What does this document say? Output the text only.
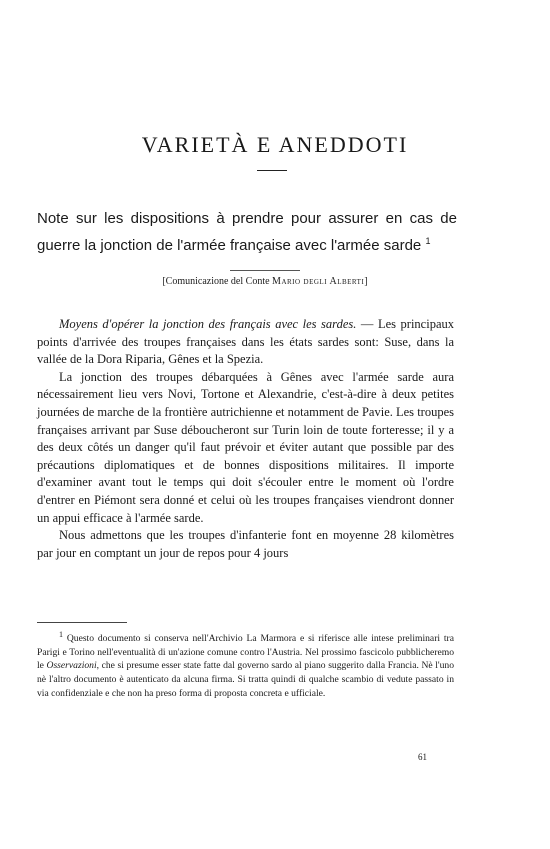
VARIETÀ E ANEDDOTI
Note sur les dispositions à prendre pour assurer en cas de
guerre la jonction de l'armée française avec l'armée sarde $^1$
[Comunicazione del Conte Mario degli Alberti]

Moyens d'opérer la jonction des français avec les sardes. — Les principaux points d'arrivée des troupes françaises dans les états sardes sont: Suse, dans la vallée de la Dora Riparia, Gênes et la Spezia.

La jonction des troupes débarquées à Gênes avec l'armée sarde aura nécessairement lieu vers Novi, Tortone et Alexandrie, c'est-à-dire à deux petites journées de marche de la frontière autrichienne et notamment de Pavie. Les troupes françaises arrivant par Suse déboucheront sur Turin loin de toute forteresse; il y a des deux côtés un danger qu'il faut prévoir et éviter autant que possible par des précautions diplomatiques et de bonnes dispositions militaires. Il importe d'examiner avant tout le temps qui doit s'écouler entre le moment où l'ordre d'entrer en Piémont sera donné et celui où les troupes françaises viendront donner un appui efficace à l'armée sarde.

Nous admettons que les troupes d'infanterie font en moyenne 28 kilomètres par jour en comptant un jour de repos pour 4 jours

$^1$ Questo documento si conserva nell'Archivio La Marmora e si riferisce alle intese preliminari tra Parigi e Torino nell'eventualità di un'azione comune contro l'Austria. Nel prossimo fascicolo pubblicheremo le Osservazioni, che si presume esser state fatte dal governo sardo al piano suggerito dalla Francia. Nè l'uno nè l'altro documento è autenticato da alcuna firma. Si tratta quindi di qualche scambio di vedute passato in via confidenziale e che non ha preso forma di proposta concreta e ufficiale.

61
